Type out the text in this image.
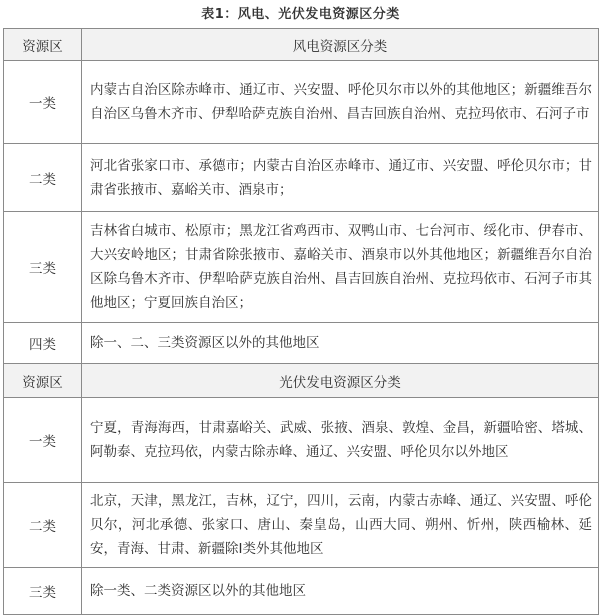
表1：风电、光伏发电资源区分类
资源区	风电资源区分类
一类	内蒙古自治区除赤峰市、通辽市、兴安盟、呼伦贝尔市以外的其他地区；新疆维吾尔自治区乌鲁木齐市、伊犁哈萨克族自治州、昌吉回族自治州、克拉玛依市、石河子市
二类	河北省张家口市、承德市；内蒙古自治区赤峰市、通辽市、兴安盟、呼伦贝尔市；甘肃省张掖市、嘉峪关市、酒泉市；
三类	吉林省白城市、松原市；黑龙江省鸡西市、双鸭山市、七台河市、绥化市、伊春市、大兴安岭地区；甘肃省除张掖市、嘉峪关市、酒泉市以外其他地区；新疆维吾尔自治区除乌鲁木齐市、伊犁哈萨克族自治州、昌吉回族自治州、克拉玛依市、石河子市其他地区；宁夏回族自治区；
四类	除一、二、三类资源区以外的其他地区
资源区	光伏发电资源区分类
一类	宁夏，青海海西，甘肃嘉峪关、武威、张掖、酒泉、敦煌、金昌，新疆哈密、塔城、阿勒泰、克拉玛依，内蒙古除赤峰、通辽、兴安盟、呼伦贝尔以外地区
二类	北京，天津，黑龙江，吉林，辽宁，四川，云南，内蒙古赤峰、通辽、兴安盟、呼伦贝尔，河北承德、张家口、唐山、秦皇岛，山西大同、朔州、忻州，陕西榆林、延安，青海、甘肃、新疆除Ⅰ类外其他地区
三类	除一类、二类资源区以外的其他地区
